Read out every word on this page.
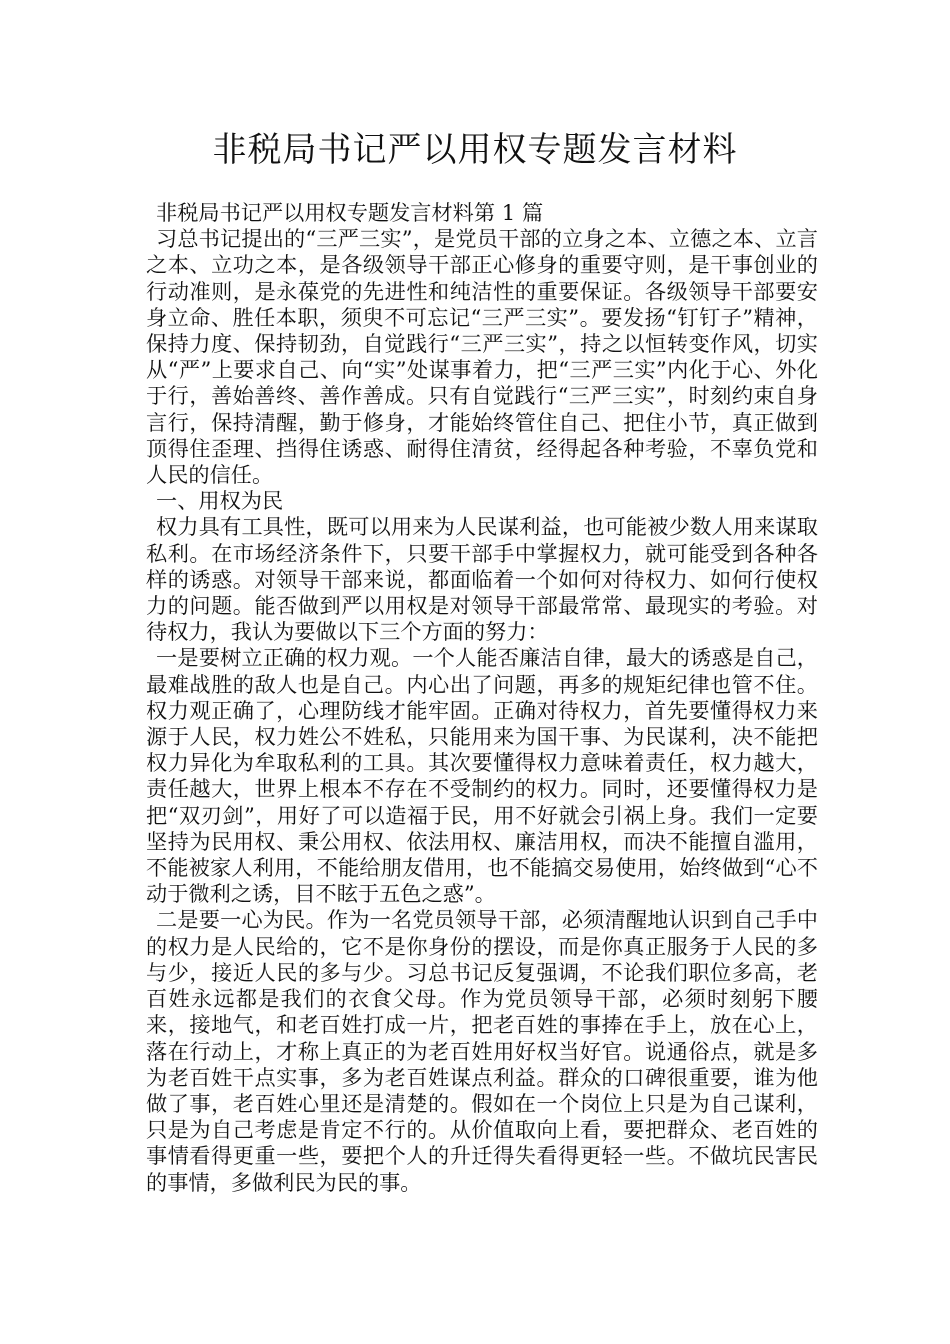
非税局书记严以用权专题发言材料

非税局书记严以用权专题发言材料第 1 篇

习总书记提出的“三严三实”，是党员干部的立身之本、立德之本、立言之本、立功之本，是各级领导干部正心修身的重要守则，是干事创业的行动准则，是永葆党的先进性和纯洁性的重要保证。各级领导干部要安身立命、胜任本职，须臾不可忘记“三严三实”。要发扬“钉钉子”精神，保持力度、保持韧劲，自觉践行“三严三实”，持之以恒转变作风，切实从“严”上要求自己、向“实”处谋事着力，把“三严三实”内化于心、外化于行，善始善终、善作善成。只有自觉践行“三严三实”，时刻约束自身言行，保持清醒，勤于修身，才能始终管住自己、把住小节，真正做到顶得住歪理、挡得住诱惑、耐得住清贫，经得起各种考验，不辜负党和人民的信任。

一、用权为民

权力具有工具性，既可以用来为人民谋利益，也可能被少数人用来谋取私利。在市场经济条件下，只要干部手中掌握权力，就可能受到各种各样的诱惑。对领导干部来说，都面临着一个如何对待权力、如何行使权力的问题。能否做到严以用权是对领导干部最常常、最现实的考验。对待权力，我认为要做以下三个方面的努力：

一是要树立正确的权力观。一个人能否廉洁自律，最大的诱惑是自己，最难战胜的敌人也是自己。内心出了问题，再多的规矩纪律也管不住。权力观正确了，心理防线才能牢固。正确对待权力，首先要懂得权力来源于人民，权力姓公不姓私，只能用来为国干事、为民谋利，决不能把权力异化为牟取私利的工具。其次要懂得权力意味着责任，权力越大，责任越大，世界上根本不存在不受制约的权力。同时，还要懂得权力是把“双刃剑”，用好了可以造福于民，用不好就会引祸上身。我们一定要坚持为民用权、秉公用权、依法用权、廉洁用权，而决不能擅自滥用，不能被家人利用，不能给朋友借用，也不能搞交易使用，始终做到“心不动于微利之诱，目不眩于五色之惑”。

二是要一心为民。作为一名党员领导干部，必须清醒地认识到自己手中的权力是人民给的，它不是你身份的摆设，而是你真正服务于人民的多与少，接近人民的多与少。习总书记反复强调，不论我们职位多高，老百姓永远都是我们的衣食父母。作为党员领导干部，必须时刻躬下腰来，接地气，和老百姓打成一片，把老百姓的事捧在手上，放在心上，落在行动上，才称上真正的为老百姓用好权当好官。说通俗点，就是多为老百姓干点实事，多为老百姓谋点利益。群众的口碑很重要，谁为他做了事，老百姓心里还是清楚的。假如在一个岗位上只是为自己谋利，只是为自己考虑是肯定不行的。从价值取向上看，要把群众、老百姓的事情看得更重一些，要把个人的升迁得失看得更轻一些。不做坑民害民的事情，多做利民为民的事。
